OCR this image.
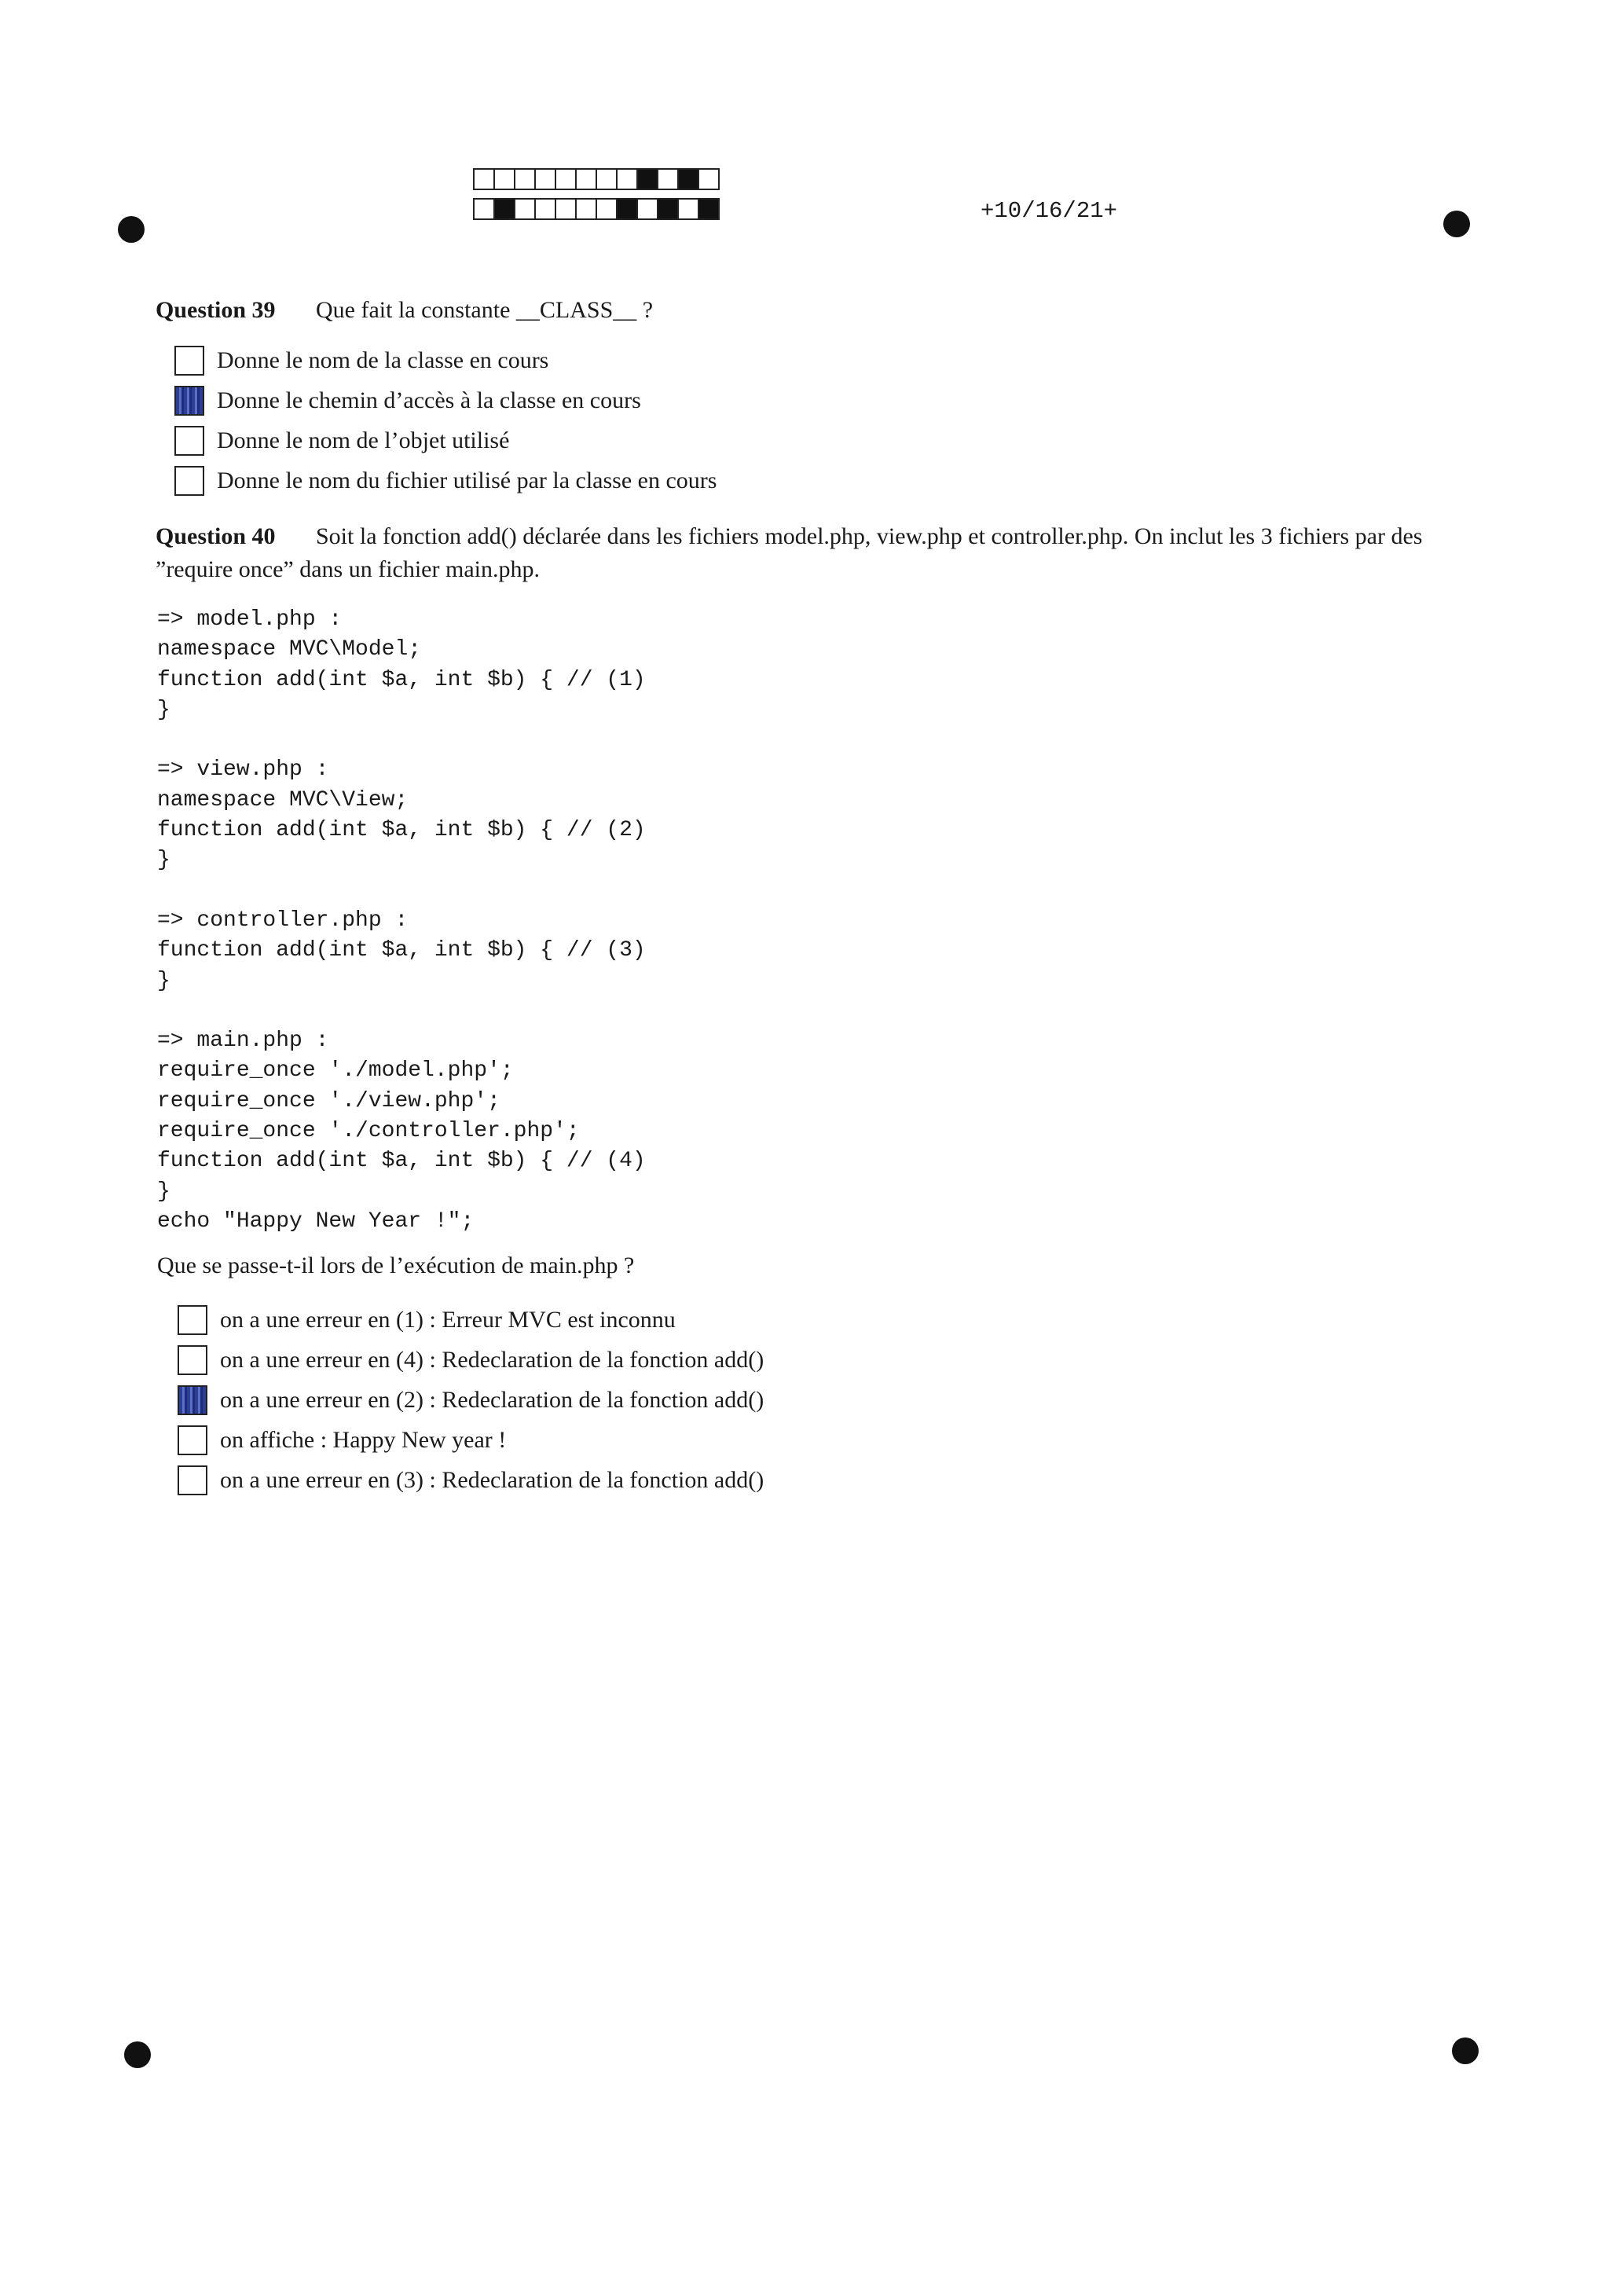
+10/16/21+
Question 39 Que fait la constante __CLASS__ ?
Donne le nom de la classe en cours
Donne le chemin d’accès à la classe en cours
Donne le nom de l’objet utilisé
Donne le nom du fichier utilisé par la classe en cours
Question 40 Soit la fonction add() déclarée dans les fichiers model.php, view.php et controller.php. On inclut les 3 fichiers par des ”require once” dans un fichier main.php.
=> model.php :
namespace MVC\Model;
function add(int $a, int $b) { // (1)
}

=> view.php :
namespace MVC\View;
function add(int $a, int $b) { // (2)
}

=> controller.php :
function add(int $a, int $b) { // (3)
}

=> main.php :
require_once './model.php';
require_once './view.php';
require_once './controller.php';
function add(int $a, int $b) { // (4)
}
echo "Happy New Year !";
Que se passe-t-il lors de l’exécution de main.php ?
on a une erreur en (1) : Erreur MVC est inconnu
on a une erreur en (4) : Redeclaration de la fonction add()
on a une erreur en (2) : Redeclaration de la fonction add()
on affiche : Happy New year !
on a une erreur en (3) : Redeclaration de la fonction add()
